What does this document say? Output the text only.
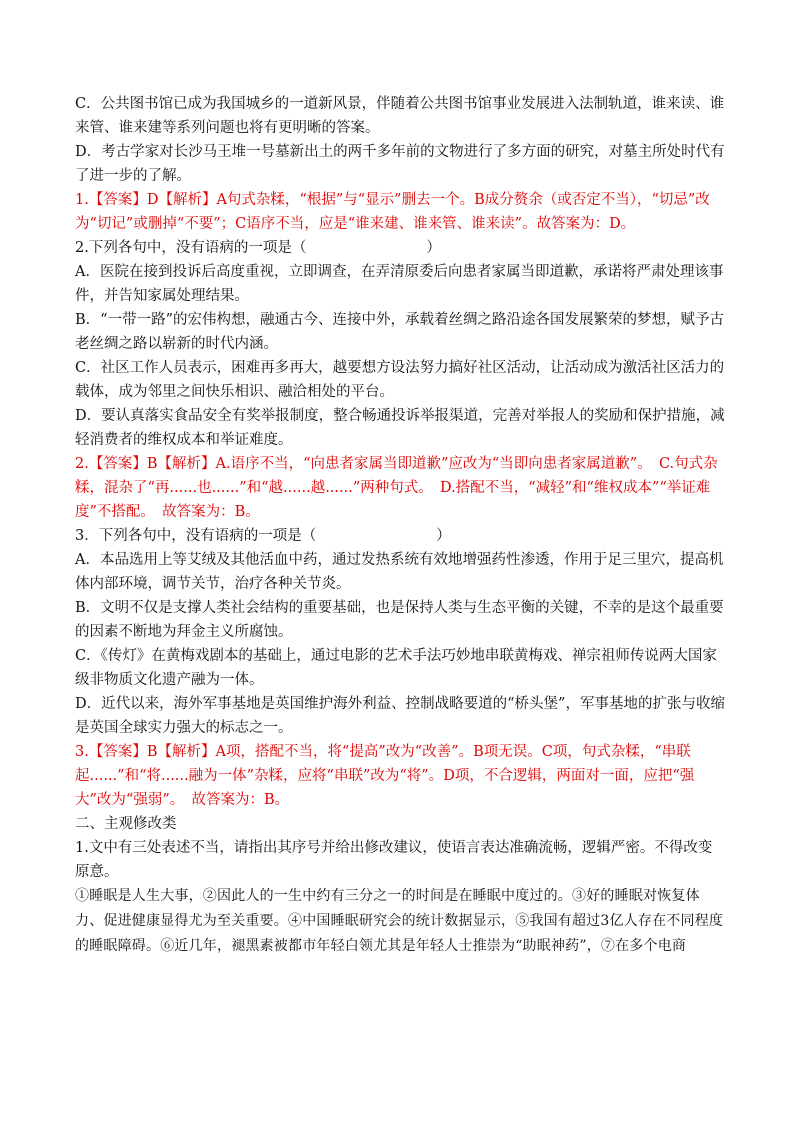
C．公共图书馆已成为我国城乡的一道新风景，伴随着公共图书馆事业发展进入法制轨道，谁来读、谁来管、谁来建等系列问题也将有更明晰的答案。

D．考古学家对长沙马王堆一号墓新出土的两千多年前的文物进行了多方面的研究，对墓主所处时代有了进一步的了解。

1.【答案】D【解析】A句式杂糅，“根据”与“显示”删去一个。B成分赘余（或否定不当），“切忌”改为“切记”或删掉“不要”；C语序不当，应是“谁来建、谁来管、谁来读”。故答案为：D。

2.下列各句中，没有语病的一项是（	）

A．医院在接到投诉后高度重视，立即调查，在弄清原委后向患者家属当即道歉，承诺将严肃处理该事件，并告知家属处理结果。

B．“一带一路”的宏伟构想，融通古今、连接中外，承载着丝绸之路沿途各国发展繁荣的梦想，赋予古老丝绸之路以崭新的时代内涵。

C．社区工作人员表示，困难再多再大，越要想方设法努力搞好社区活动，让活动成为激活社区活力的载体，成为邻里之间快乐相识、融洽相处的平台。

D．要认真落实食品安全有奖举报制度，整合畅通投诉举报渠道，完善对举报人的奖励和保护措施，减轻消费者的维权成本和举证难度。

2.【答案】B【解析】A.语序不当，“向患者家属当即道歉”应改为“当即向患者家属道歉”。　C.句式杂糅，混杂了“再......也......”和“越......越......”两种句式。　D.搭配不当，“减轻”和“维权成本”“举证难度”不搭配。　故答案为：B。

3．下列各句中，没有语病的一项是（	）

A．本品选用上等艾绒及其他活血中药，通过发热系统有效地增强药性渗透，作用于足三里穴，提高机体内部环境，调节关节，治疗各种关节炎。

B．文明不仅是支撑人类社会结构的重要基础，也是保持人类与生态平衡的关键，不幸的是这个最重要的因素不断地为拜金主义所腐蚀。

C．《传灯》在黄梅戏剧本的基础上，通过电影的艺术手法巧妙地串联黄梅戏、禅宗祖师传说两大国家级非物质文化遗产融为一体。

D．近代以来，海外军事基地是英国维护海外利益、控制战略要道的“桥头堡”，军事基地的扩张与收缩是英国全球实力强大的标志之一。

3.【答案】B【解析】A项，搭配不当，将“提高”改为“改善”。B项无误。C项，句式杂糅，“串联起......”和“将......融为一体”杂糅，应将“串联”改为“将”。D项，不合逻辑，两面对一面，应把“强大”改为“强弱”。　故答案为：B。

二、主观修改类

1.文中有三处表述不当，请指出其序号并给出修改建议，使语言表达准确流畅，逻辑严密。不得改变原意。

①睡眠是人生大事，②因此人的一生中约有三分之一的时间是在睡眠中度过的。③好的睡眠对恢复体力、促进健康显得尤为至关重要。④中国睡眠研究会的统计数据显示，⑤我国有超过3亿人存在不同程度的睡眠障碍。⑥近几年，褪黑素被都市年轻白领尤其是年轻人士推崇为“助眠神药”，⑦在多个电商
